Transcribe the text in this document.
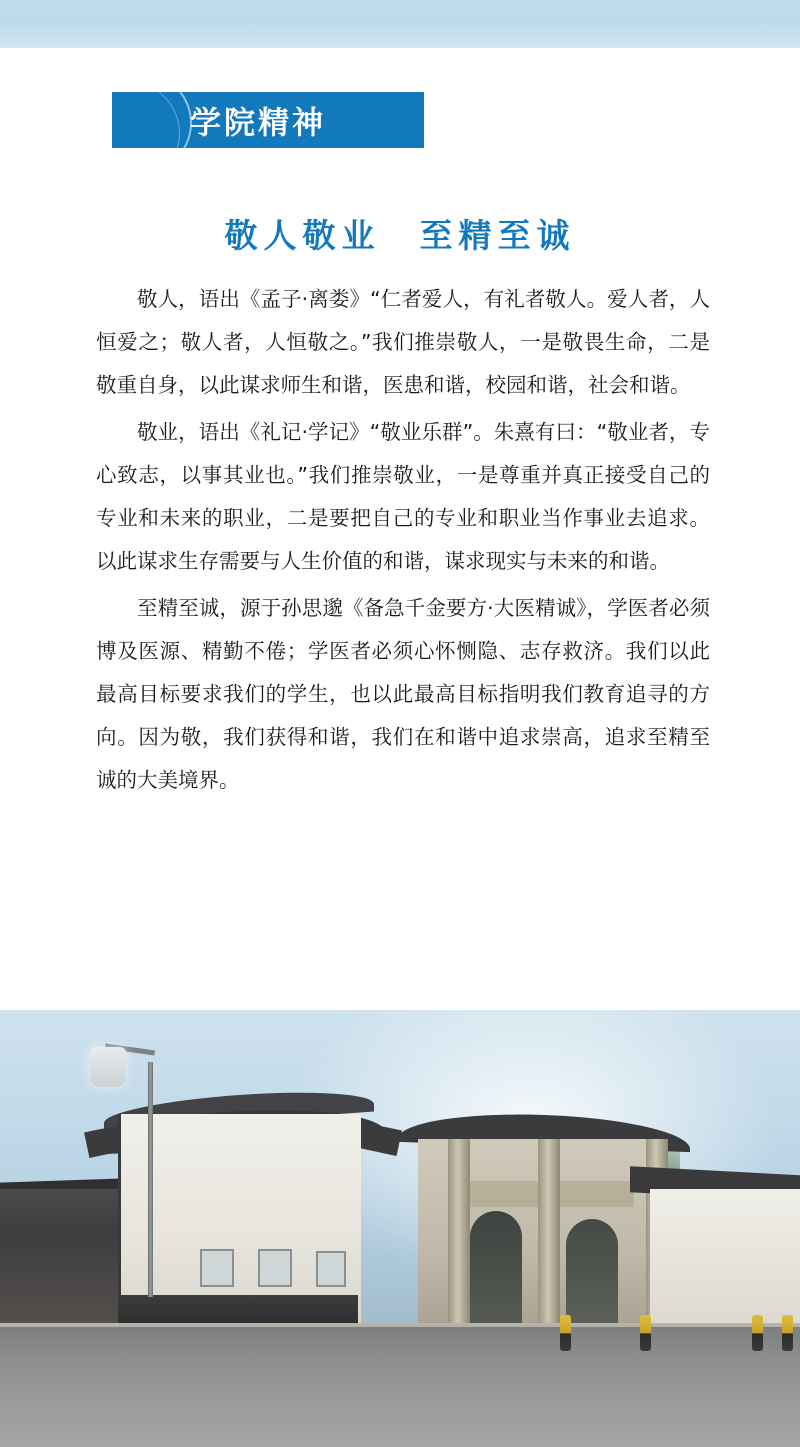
学院精神
敬人敬业　至精至诚

敬人，语出《孟子·离娄》“仁者爱人，有礼者敬人。爱人者，人恒爱之；敬人者，人恒敬之。”我们推崇敬人，一是敬畏生命，二是敬重自身，以此谋求师生和谐，医患和谐，校园和谐，社会和谐。

敬业，语出《礼记·学记》“敬业乐群”。朱熹有曰：“敬业者，专心致志，以事其业也。”我们推崇敬业，一是尊重并真正接受自己的专业和未来的职业，二是要把自己的专业和职业当作事业去追求。以此谋求生存需要与人生价值的和谐，谋求现实与未来的和谐。

至精至诚，源于孙思邈《备急千金要方·大医精诚》，学医者必须博及医源、精勤不倦；学医者必须心怀恻隐、志存救济。我们以此最高目标要求我们的学生，也以此最高目标指明我们教育追寻的方向。因为敬，我们获得和谐，我们在和谐中追求崇高，追求至精至诚的大美境界。
